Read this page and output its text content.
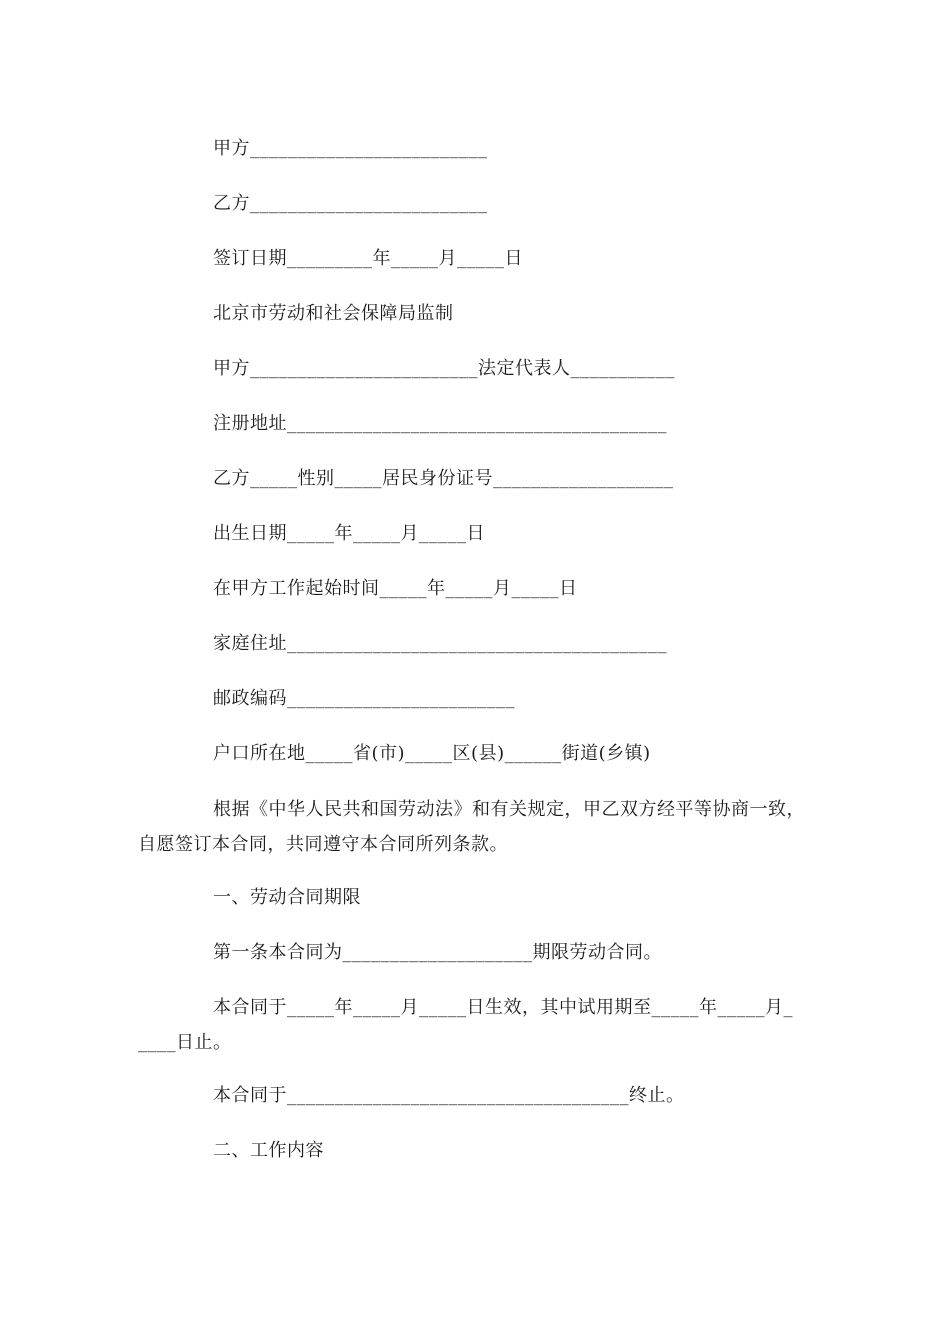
甲方_________________________
乙方_________________________
签订日期_________年_____月_____日
北京市劳动和社会保障局监制
甲方________________________法定代表人___________
注册地址________________________________________
乙方_____性别_____居民身份证号___________________
出生日期_____年_____月_____日
在甲方工作起始时间_____年_____月_____日
家庭住址________________________________________
邮政编码________________________
户口所在地_____省(市)_____区(县)______街道(乡镇)
根据《中华人民共和国劳动法》和有关规定，甲乙双方经平等协商一致，
自愿签订本合同，共同遵守本合同所列条款。
一、劳动合同期限
第一条本合同为____________________期限劳动合同。
本合同于_____年_____月_____日生效，其中试用期至_____年_____月_
____日止。
本合同于____________________________________终止。
二、工作内容
